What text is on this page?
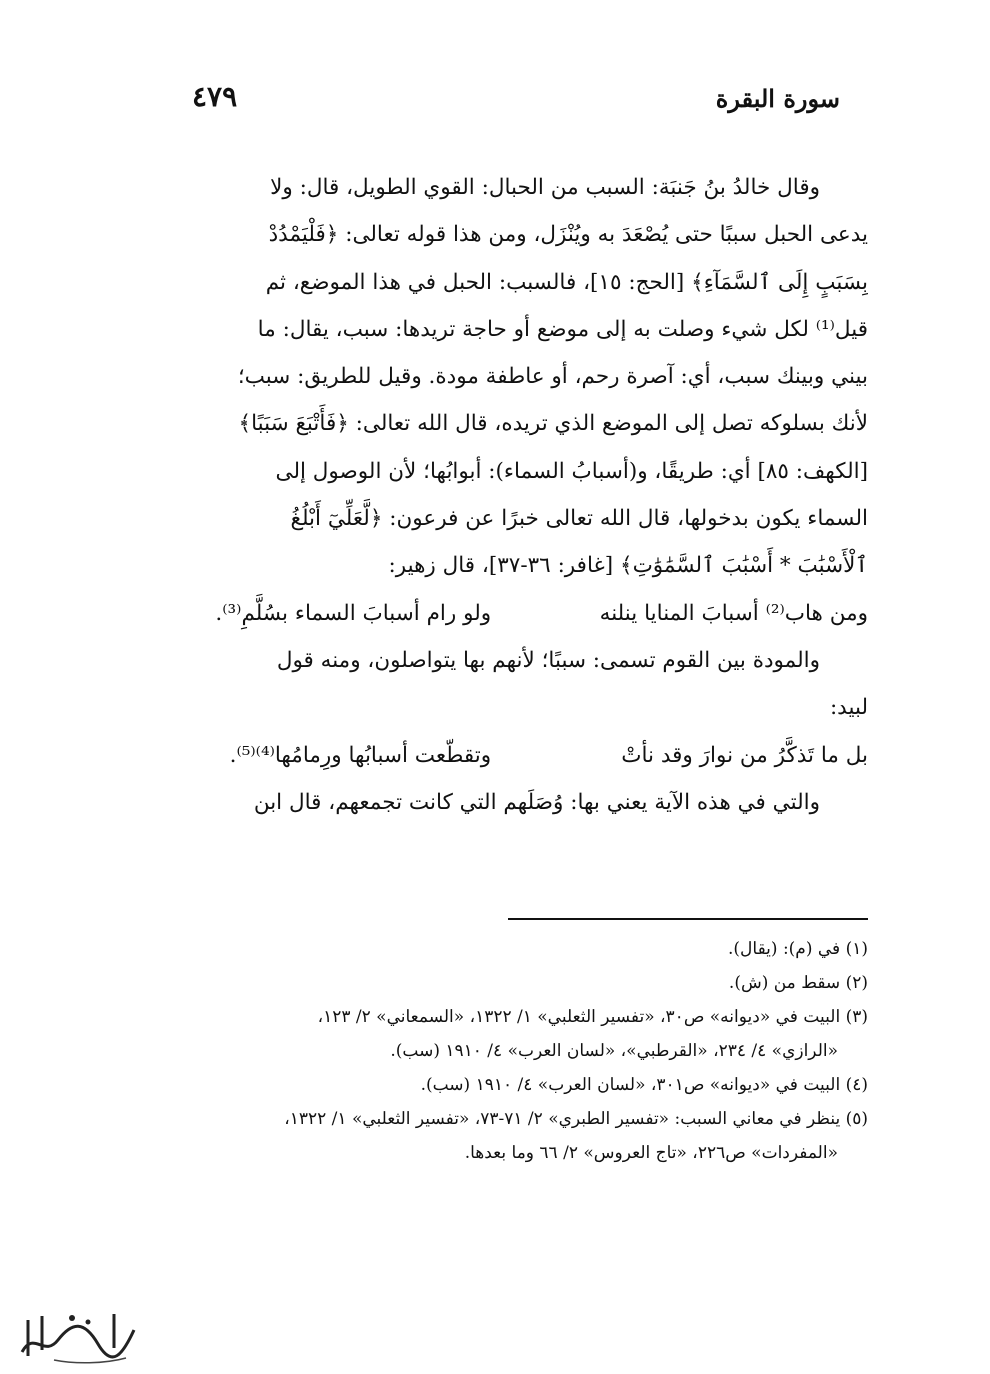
سورة البقرة
٤٧٩
وقال خالدُ بنُ جَنبَة: السبب من الحبال: القوي الطويل، قال: ولا
يدعى الحبل سببًا حتى يُصْعَدَ به ويُنْزَل، ومن هذا قوله تعالى: ﴿فَلْيَمْدُدْ
بِسَبَبٍ إِلَى ٱلسَّمَآءِ﴾ [الحج: ١٥]، فالسبب: الحبل في هذا الموضع، ثم
قيل⁽¹⁾ لكل شيء وصلت به إلى موضع أو حاجة تريدها: سبب، يقال: ما
بيني وبينك سبب، أي: آصرة رحم، أو عاطفة مودة. وقيل للطريق: سبب؛
لأنك بسلوكه تصل إلى الموضع الذي تريده، قال الله تعالى: ﴿فَأَتْبَعَ سَبَبًا﴾
[الكهف: ٨٥] أي: طريقًا، و(أسبابُ السماء): أبوابُها؛ لأن الوصول إلى
السماء يكون بدخولها، قال الله تعالى خبرًا عن فرعون: ﴿لَّعَلِّيٓ أَبْلُغُ
ٱلْأَسْبَٰبَ * أَسْبَٰبَ ٱلسَّمَٰوَٰتِ﴾ [غافر: ٣٦-٣٧]، قال زهير:
ومن هاب⁽²⁾ أسبابَ المنايا ينلنه ولو رام أسبابَ السماء بسُلَّمِ⁽³⁾.
والمودة بين القوم تسمى: سببًا؛ لأنهم بها يتواصلون، ومنه قول
لبيد:
بل ما تَذكَّرُ من نوارَ وقد نأتْ وتقطّعت أسبابُها ورِمامُها⁽⁴⁾⁽⁵⁾.
والتي في هذه الآية يعني بها: وُصَلَهم التي كانت تجمعهم، قال ابن
(١) في (م): (يقال).
(٢) سقط من (ش).
(٣) البيت في «ديوانه» ص٣٠، «تفسير الثعلبي» ١/ ١٣٢٢، «السمعاني» ٢/ ١٢٣،
«الرازي» ٤/ ٢٣٤، «القرطبي»، «لسان العرب» ٤/ ١٩١٠ (سب).
(٤) البيت في «ديوانه» ص٣٠١، «لسان العرب» ٤/ ١٩١٠ (سب).
(٥) ينظر في معاني السبب: «تفسير الطبري» ٢/ ٧١-٧٣، «تفسير الثعلبي» ١/ ١٣٢٢،
«المفردات» ص٢٢٦، «تاج العروس» ٢/ ٦٦ وما بعدها.
